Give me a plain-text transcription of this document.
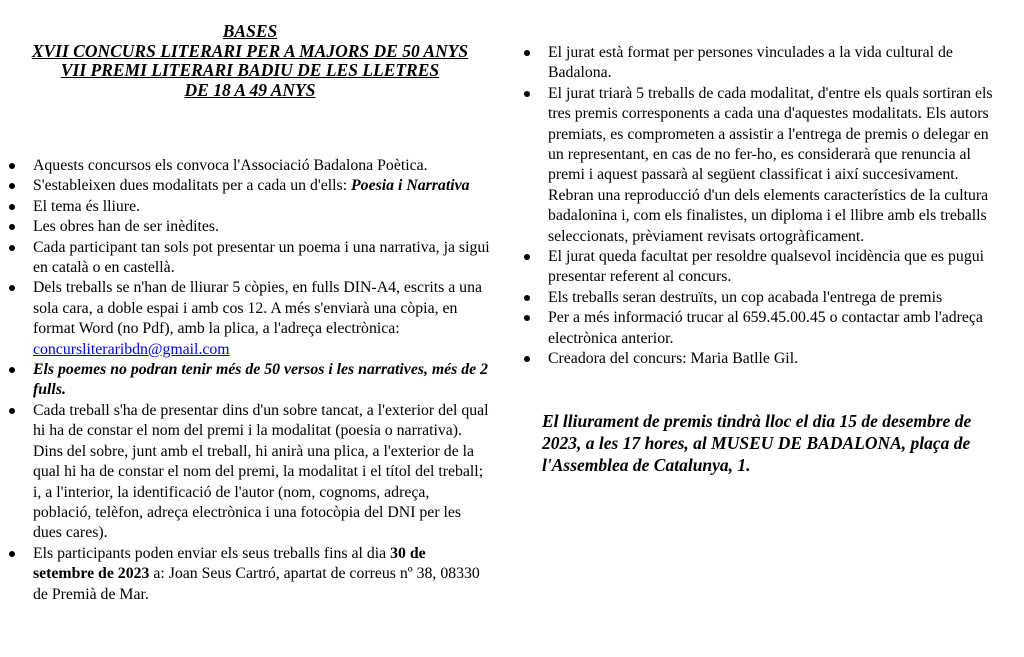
BASES
XVII CONCURS LITERARI PER A MAJORS DE 50 ANYS
VII PREMI LITERARI BADIU DE LES LLETRES
DE 18 A 49 ANYS
Aquests concursos els convoca l'Associació Badalona Poètica.
S'estableixen dues modalitats per a cada un d'ells: Poesia i Narrativa
El tema és lliure.
Les obres han de ser inèdites.
Cada participant tan sols pot presentar un poema i una narrativa, ja sigui en català o en castellà.
Dels treballs se n'han de lliurar 5 còpies, en fulls DIN-A4, escrits a una sola cara, a doble espai i amb cos 12. A més s'enviarà una còpia, en format Word (no Pdf), amb la plica, a l'adreça electrònica: concursliteraribdn@gmail.com
Els poemes no podran tenir més de 50 versos i les narratives, més de 2 fulls.
Cada treball s'ha de presentar dins d'un sobre tancat, a l'exterior del qual hi ha de constar el nom del premi i la modalitat (poesia o narrativa). Dins del sobre, junt amb el treball, hi anirà una plica, a l'exterior de la qual hi ha de constar el nom del premi, la modalitat i el títol del treball; i, a l'interior, la identificació de l'autor (nom, cognoms, adreça, població, telèfon, adreça electrònica i una fotocòpia del DNI per les dues cares).
Els participants poden enviar els seus treballs fins al dia 30 de setembre de 2023 a: Joan Seus Cartró, apartat de correus nº 38, 08330 de Premià de Mar.
El jurat està format per persones vinculades a la vida cultural de Badalona.
El jurat triarà 5 treballs de cada modalitat, d'entre els quals sortiran els tres premis corresponents a cada una d'aquestes modalitats. Els autors premiats, es comprometen a assistir a l'entrega de premis o delegar en un representant, en cas de no fer-ho, es considerarà que renuncia al premi i aquest passarà al següent classificat i així succesivament. Rebran una reproducció d'un dels elements característics de la cultura badalonina i, com els finalistes, un diploma i el llibre amb els treballs seleccionats, prèviament revisats ortogràficament.
El jurat queda facultat per resoldre qualsevol incidència que es pugui presentar referent al concurs.
Els treballs seran destruïts, un cop acabada l'entrega de premis
Per a més informació trucar al 659.45.00.45 o contactar amb l'adreça electrònica anterior.
Creadora del concurs: Maria Batlle Gil.
El lliurament de premis tindrà lloc el dia 15 de desembre de 2023, a les 17 hores, al MUSEU DE BADALONA, plaça de l'Assemblea de Catalunya, 1.
